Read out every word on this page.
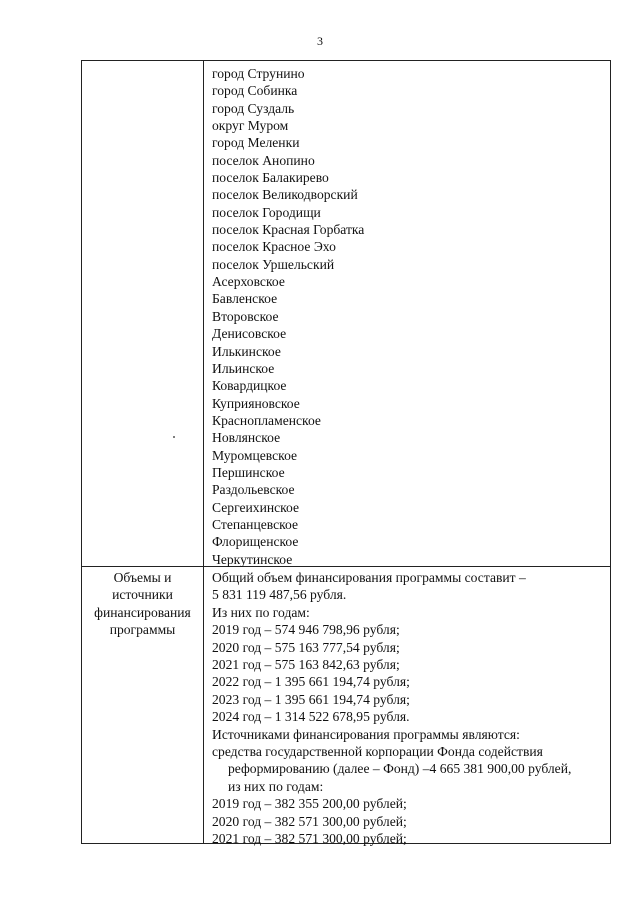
3
город Струнино
город Собинка
город Суздаль
округ Муром
город Меленки
поселок Анопино
поселок Балакирево
поселок Великодворский
поселок Городищи
поселок Красная Горбатка
поселок Красное Эхо
поселок Уршельский
Асерховское
Бавленское
Второвское
Денисовское
Илькинское
Ильинское
Ковардицкое
Куприяновское
Краснопламенское
Новлянское
Муромцевское
Першинское
Раздольевское
Сергеихинское
Степанцевское
Флорищенское
Черкутинское
Объемы и
источники
финансирования
программы
Общий объем финансирования программы составит –
5 831 119 487,56 рубля.
Из них по годам:
2019 год – 574 946 798,96 рубля;
2020 год – 575 163 777,54 рубля;
2021 год – 575 163 842,63 рубля;
2022 год – 1 395 661 194,74 рубля;
2023 год – 1 395 661 194,74 рубля;
2024 год – 1 314 522 678,95 рубля.
Источниками финансирования программы являются:
средства государственной корпорации Фонда содействия
реформированию (далее – Фонд) –4 665 381 900,00 рублей,
из них по годам:
2019 год – 382 355 200,00 рублей;
2020 год – 382 571 300,00 рублей;
2021 год – 382 571 300,00 рублей;
